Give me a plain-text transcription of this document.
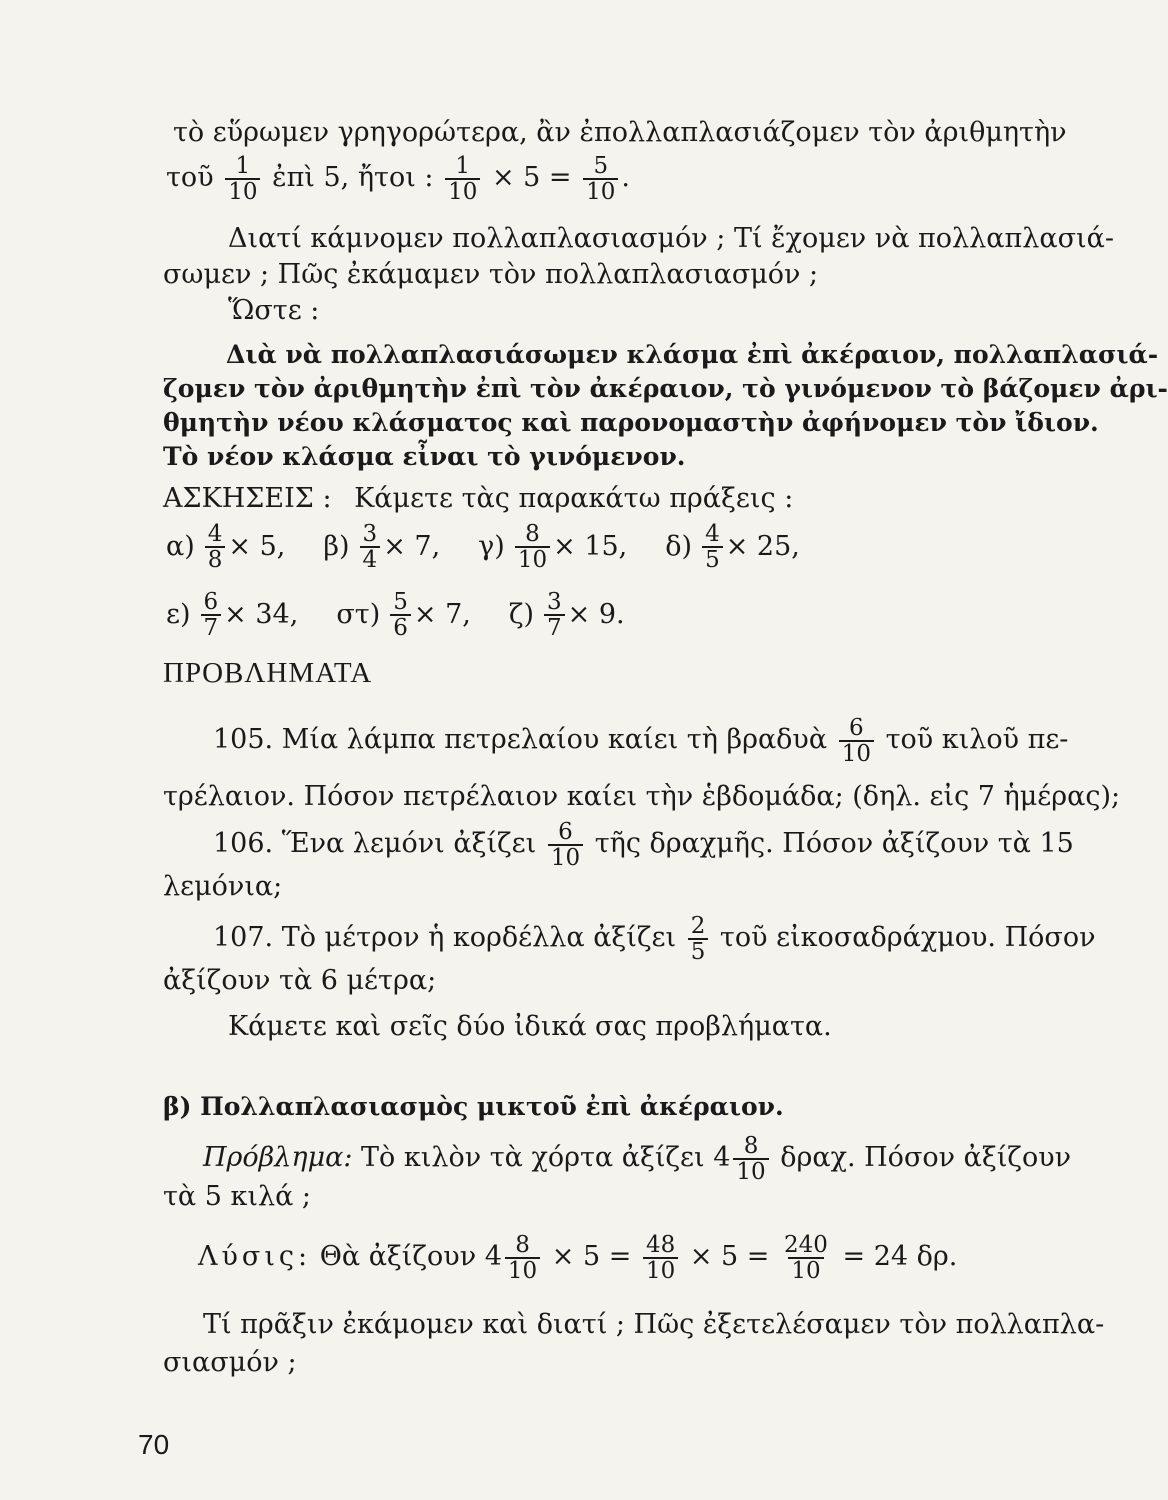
τὸ εὕρωμεν γρηγορώτερα, ἂν ἐπολλαπλασιάζομεν τὸν ἀριθμητὴν
τοῦ $\frac{1}{10}$ ἐπὶ 5, ἤτοι : $\frac{1}{10} \times 5 = \frac{5}{10}$ .
Διατί κάμνομεν πολλαπλασιασμόν ; Τί ἔχομεν νὰ πολλαπλασιά-
σωμεν ; Πῶς ἐκάμαμεν τὸν πολλαπλασιασμόν ;
Ὥστε :
Διὰ νὰ πολλαπλασιάσωμεν κλάσμα ἐπὶ ἀκέραιον, πολλαπλασιά-
ζομεν τὸν ἀριθμητὴν ἐπὶ τὸν ἀκέραιον, τὸ γινόμενον τὸ βάζομεν ἀρι-
θμητὴν νέου κλάσματος καὶ παρονομαστὴν ἀφήνομεν τὸν ἴδιον.
Τὸ νέον κλάσμα εἶναι τὸ γινόμενον.
ΑΣΚΗΣΕΙΣ : Κάμετε τὰς παρακάτω πράξεις :
$\alpha) \frac{4}{8} \times 5$, $\beta) \frac{3}{4} \times 7$, $\gamma) \frac{8}{10} \times 15$, $\delta) \frac{4}{5} \times 25$,
$\varepsilon) \frac{6}{7} \times 34$, $\sigma\tau) \frac{5}{6} \times 7$, $\zeta) \frac{3}{7} \times 9$.
ΠΡΟΒΛΗΜΑΤΑ
105. Μία λάμπα πετρελαίου καίει τὴ βραδυὰ $\frac{6}{10}$ τοῦ κιλοῦ πε-
τρέλαιον. Πόσον πετρέλαιον καίει τὴν ἑβδομάδα; (δηλ. εἰς 7 ἡμέρας);
106. Ἕνα λεμόνι ἀξίζει $\frac{6}{10}$ τῆς δραχμῆς. Πόσον ἀξίζουν τὰ 15
λεμόνια;
107. Τὸ μέτρον ἡ κορδέλλα ἀξίζει $\frac{2}{5}$ τοῦ εἰκοσαδράχμου. Πόσον
ἀξίζουν τὰ 6 μέτρα;
Κάμετε καὶ σεῖς δύο ἰδικά σας προβλήματα.
β) Πολλαπλασιασμὸς μικτοῦ ἐπὶ ἀκέραιον.
Πρόβλημα: Τὸ κιλὸν τὰ χόρτα ἀξίζει $4 \frac{8}{10} \delta\rho\alpha\chi$. Πόσον ἀξίζουν
τὰ 5 κιλά ;
Λύσις: Θὰ ἀξίζουν $4 \frac{8}{10} \times 5 = \frac{48}{10} \times 5 = \frac{240}{10} = 24$ δρ.
Τί πρᾶξιν ἐκάμομεν καὶ διατί ; Πῶς ἐξετελέσαμεν τὸν πολλαπλα-
σιασμόν ;
70
